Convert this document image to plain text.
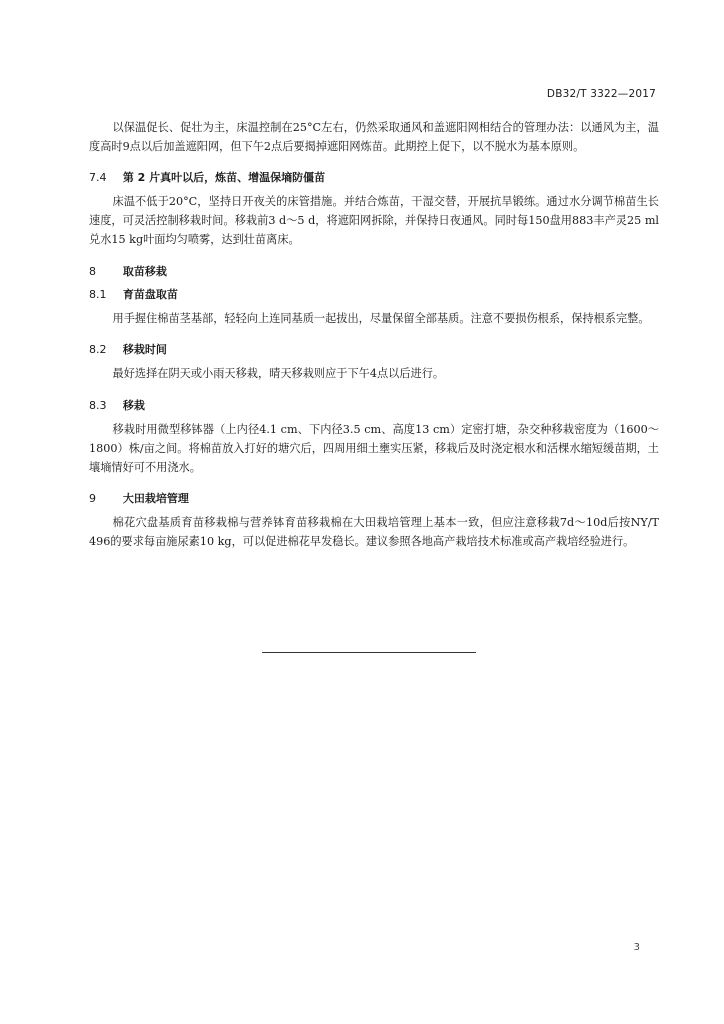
DB32/T 3322—2017

以保温促长、促壮为主，床温控制在25°C左右，仍然采取通风和盖遮阳网相结合的管理办法：以通风为主，温度高时9点以后加盖遮阳网，但下午2点后要揭掉遮阳网炼苗。此期控上促下，以不脱水为基本原则。

7.4 第 2 片真叶以后，炼苗、增温保墒防僵苗

床温不低于20°C，坚持日开夜关的床管措施。并结合炼苗，干湿交替，开展抗旱锻练。通过水分调节棉苗生长速度，可灵活控制移栽时间。移栽前3 d～5 d，将遮阳网拆除，并保持日夜通风。同时每150盘用883丰产灵25 ml兑水15 kg叶面均匀喷雾，达到壮苗离床。

8 取苗移栽

8.1 育苗盘取苗

用手握住棉苗茎基部，轻轻向上连同基质一起拔出，尽量保留全部基质。注意不要损伤根系，保持根系完整。

8.2 移栽时间

最好选择在阴天或小雨天移栽，晴天移栽则应于下午4点以后进行。

8.3 移栽

移栽时用微型移钵器（上内径4.1 cm、下内径3.5 cm、高度13 cm）定密打塘，杂交种移栽密度为（1600～1800）株/亩之间。将棉苗放入打好的塘穴后，四周用细土壅实压紧，移栽后及时浇定根水和活棵水缩短缓苗期，土壤墒情好可不用浇水。

9 大田栽培管理

棉花穴盘基质育苗移栽棉与营养钵育苗移栽棉在大田栽培管理上基本一致，但应注意移栽7d～10d后按NY/T 496的要求每亩施尿素10 kg，可以促进棉花早发稳长。建议参照各地高产栽培技术标准或高产栽培经验进行。

3
